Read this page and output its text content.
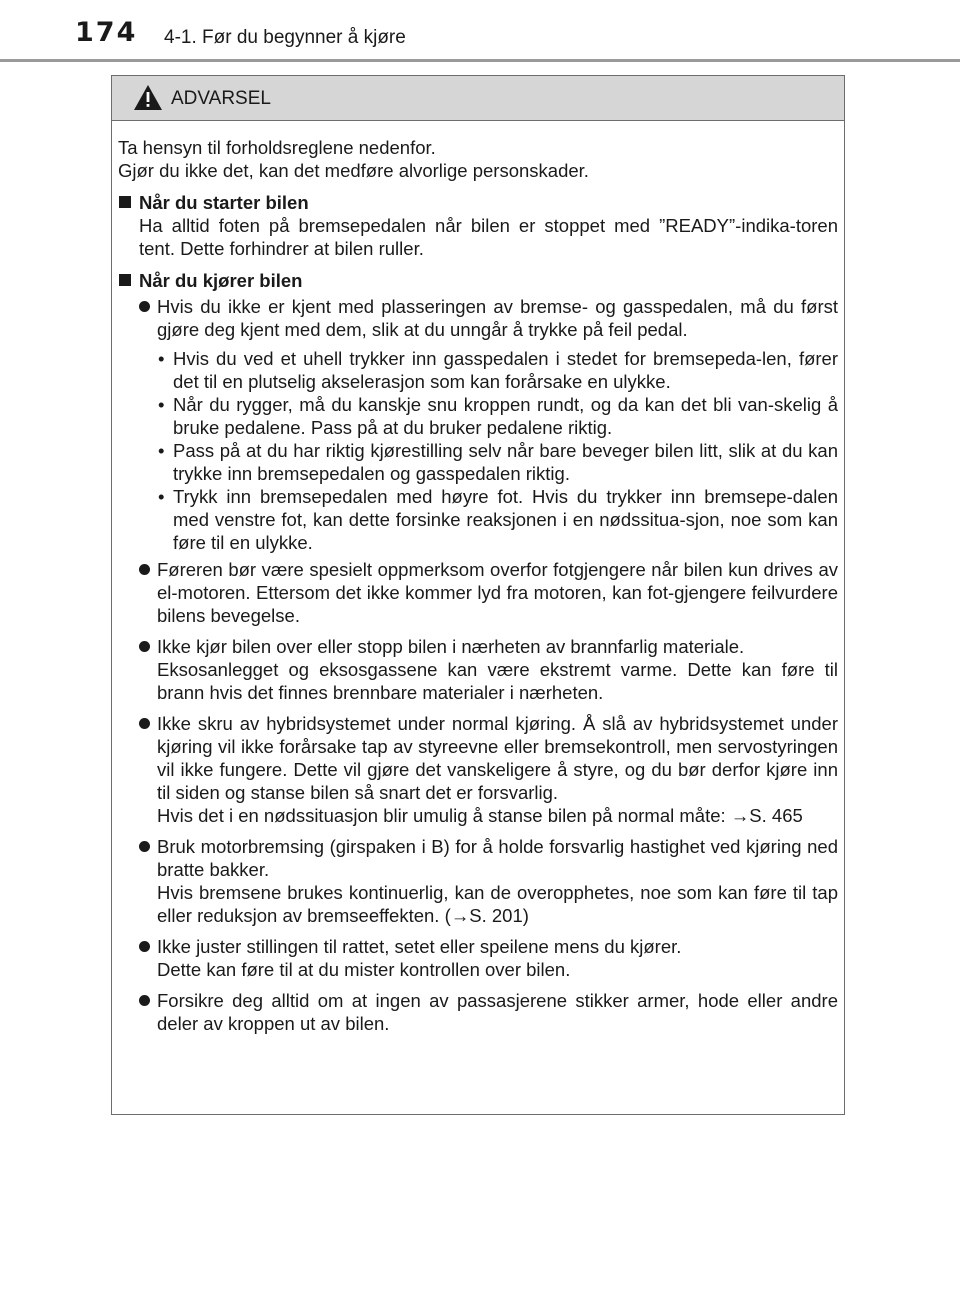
174 4-1. Før du begynner å kjøre
ADVARSEL

Ta hensyn til forholdsreglene nedenfor.

Gjør du ikke det, kan det medføre alvorlige personskader.

Når du starter bilen

Ha alltid foten på bremsepedalen når bilen er stoppet med ”READY”-indika-toren tent. Dette forhindrer at bilen ruller.

Når du kjører bilen
Hvis du ikke er kjent med plasseringen av bremse- og gasspedalen, må du først gjøre deg kjent med dem, slik at du unngår å trykke på feil pedal.
• Hvis du ved et uhell trykker inn gasspedalen i stedet for bremsepeda-len, fører det til en plutselig akselerasjon som kan forårsake en ulykke.
• Når du rygger, må du kanskje snu kroppen rundt, og da kan det bli van-skelig å bruke pedalene. Pass på at du bruker pedalene riktig.
• Pass på at du har riktig kjørestilling selv når bare beveger bilen litt, slik at du kan trykke inn bremsepedalen og gasspedalen riktig.
• Trykk inn bremsepedalen med høyre fot. Hvis du trykker inn bremsepe-dalen med venstre fot, kan dette forsinke reaksjonen i en nødssitua-sjon, noe som kan føre til en ulykke.
Føreren bør være spesielt oppmerksom overfor fotgjengere når bilen kun drives av el-motoren. Ettersom det ikke kommer lyd fra motoren, kan fot-gjengere feilvurdere bilens bevegelse.
Ikke kjør bilen over eller stopp bilen i nærheten av brannfarlig materiale.
Eksosanlegget og eksosgassene kan være ekstremt varme. Dette kan føre til brann hvis det finnes brennbare materialer i nærheten.
Ikke skru av hybridsystemet under normal kjøring. Å slå av hybridsystemet under kjøring vil ikke forårsake tap av styreevne eller bremsekontroll, men servostyringen vil ikke fungere. Dette vil gjøre det vanskeligere å styre, og du bør derfor kjøre inn til siden og stanse bilen så snart det er forsvarlig.
Hvis det i en nødssituasjon blir umulig å stanse bilen på normal måte: →S. 465
Bruk motorbremsing (girspaken i B) for å holde forsvarlig hastighet ved kjøring ned bratte bakker.
Hvis bremsene brukes kontinuerlig, kan de overopphetes, noe som kan føre til tap eller reduksjon av bremseeffekten. (→S. 201)
Ikke juster stillingen til rattet, setet eller speilene mens du kjører.
Dette kan føre til at du mister kontrollen over bilen.
Forsikre deg alltid om at ingen av passasjerene stikker armer, hode eller andre deler av kroppen ut av bilen.
